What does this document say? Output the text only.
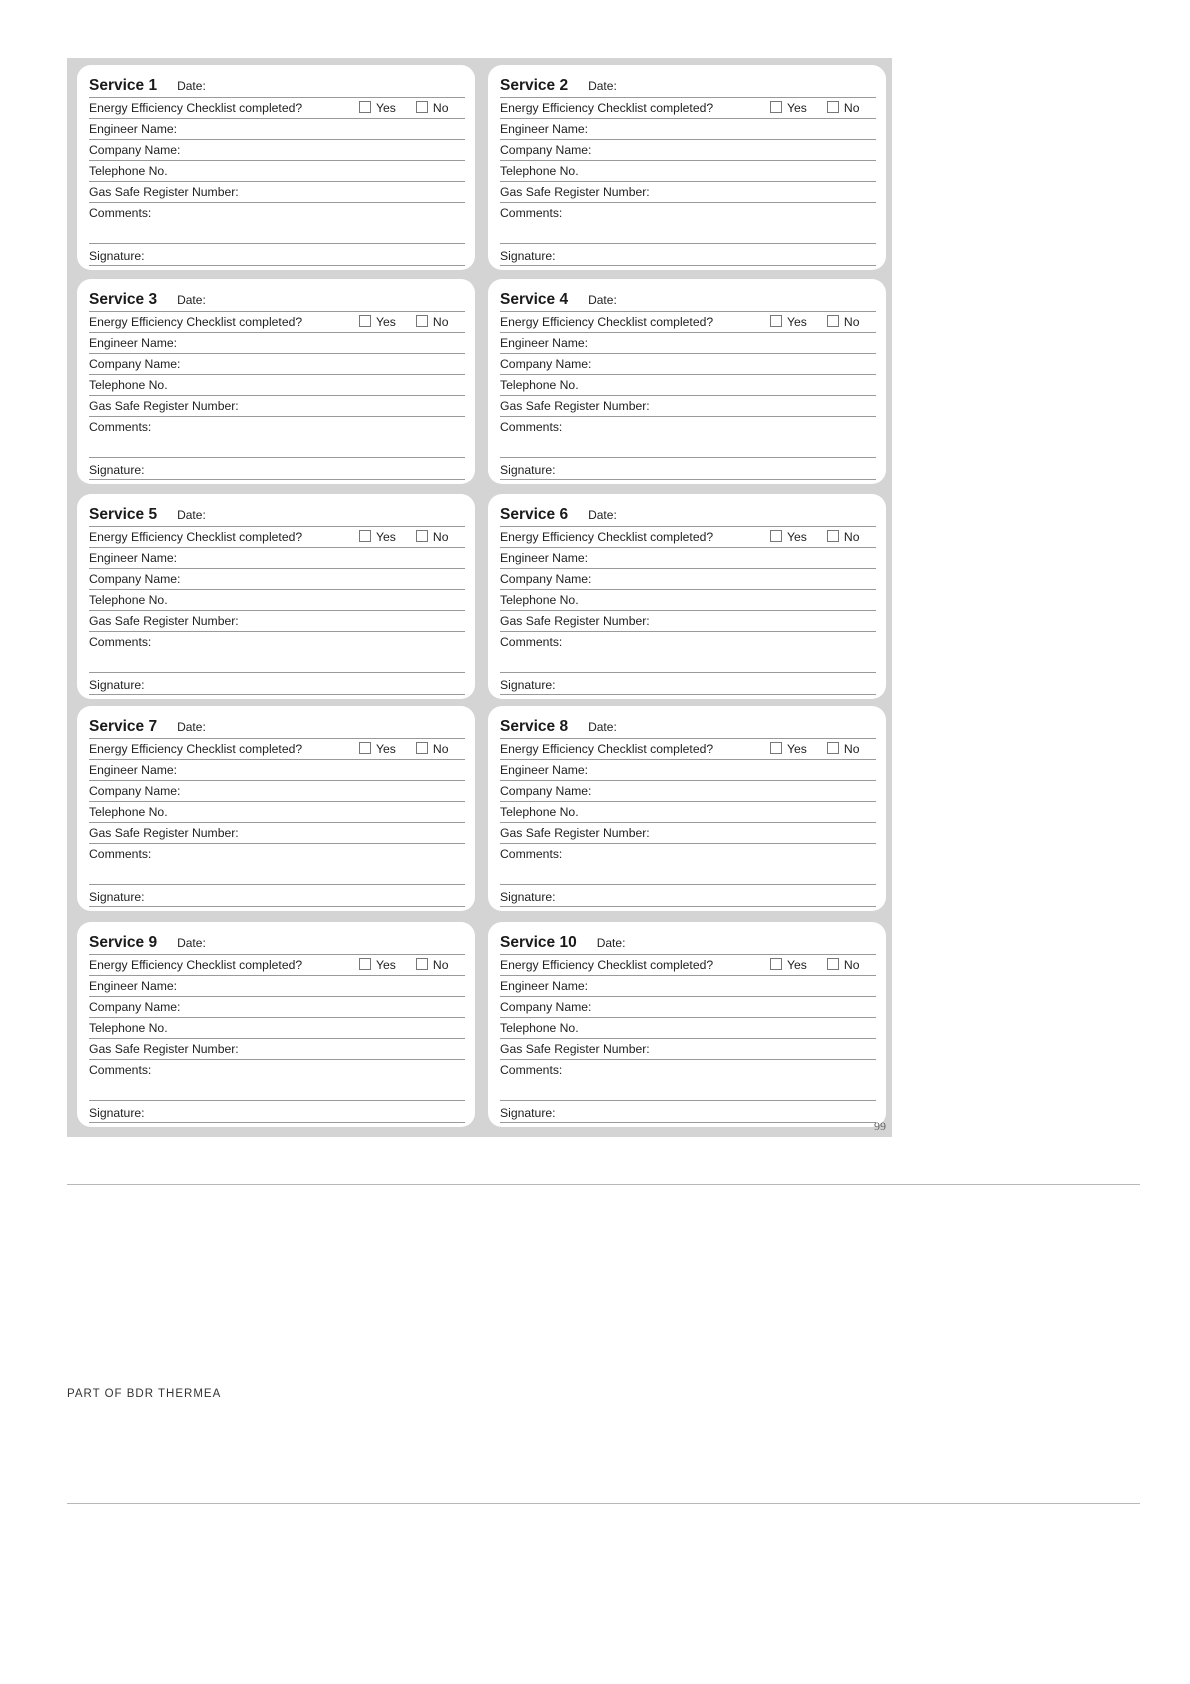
Service 1 Date:
Energy Efficiency Checklist completed?	Yes	No
Engineer Name:
Company Name:
Telephone No.
Gas Safe Register Number:
Comments:
Signature:
Service 2 Date:
Energy Efficiency Checklist completed?	Yes	No
Engineer Name:
Company Name:
Telephone No.
Gas Safe Register Number:
Comments:
Signature:
Service 3 Date:
Energy Efficiency Checklist completed?	Yes	No
Engineer Name:
Company Name:
Telephone No.
Gas Safe Register Number:
Comments:
Signature:
Service 4 Date:
Energy Efficiency Checklist completed?	Yes	No
Engineer Name:
Company Name:
Telephone No.
Gas Safe Register Number:
Comments:
Signature:
Service 5 Date:
Energy Efficiency Checklist completed?	Yes	No
Engineer Name:
Company Name:
Telephone No.
Gas Safe Register Number:
Comments:
Signature:
Service 6 Date:
Energy Efficiency Checklist completed?	Yes	No
Engineer Name:
Company Name:
Telephone No.
Gas Safe Register Number:
Comments:
Signature:
Service 7 Date:
Energy Efficiency Checklist completed?	Yes	No
Engineer Name:
Company Name:
Telephone No.
Gas Safe Register Number:
Comments:
Signature:
Service 8 Date:
Energy Efficiency Checklist completed?	Yes	No
Engineer Name:
Company Name:
Telephone No.
Gas Safe Register Number:
Comments:
Signature:
Service 9 Date:
Energy Efficiency Checklist completed?	Yes	No
Engineer Name:
Company Name:
Telephone No.
Gas Safe Register Number:
Comments:
Signature:
Service 10 Date:
Energy Efficiency Checklist completed?	Yes	No
Engineer Name:
Company Name:
Telephone No.
Gas Safe Register Number:
Comments:
Signature:
99
PART OF BDR THERMEA
